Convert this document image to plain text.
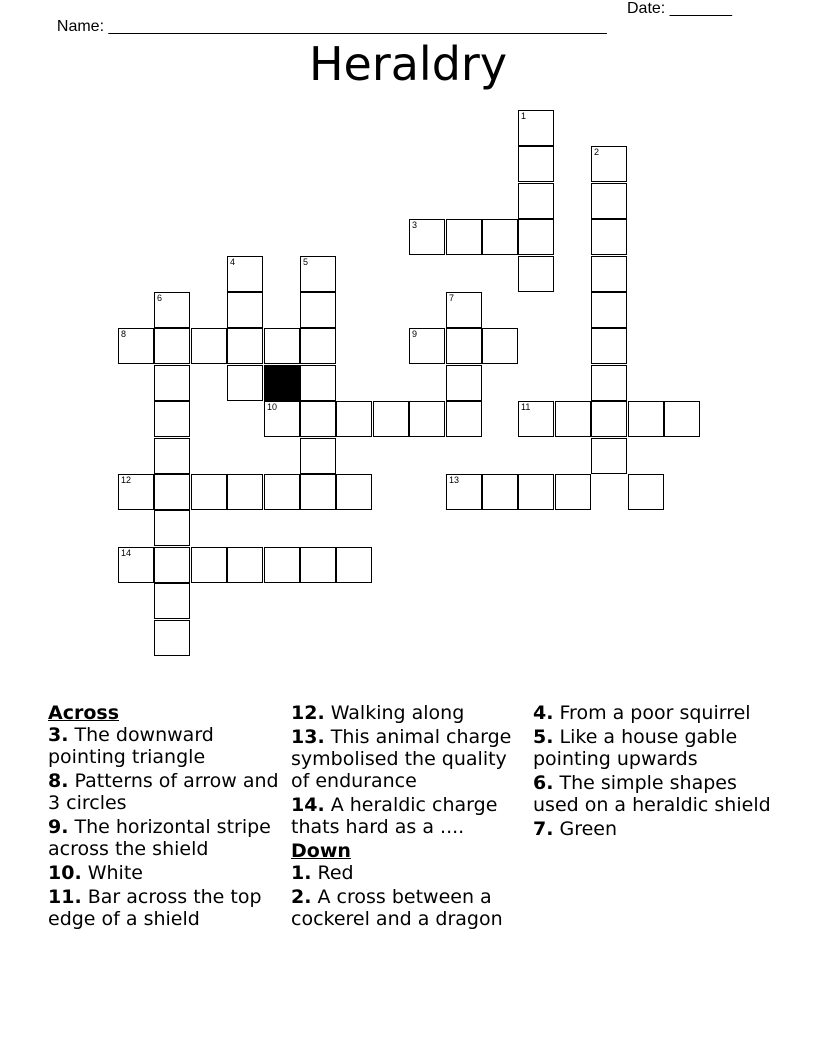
Name: ________________________________________________________

Date: _______

Heraldry
1
2
3
4	5
6	7
8	9
10	11
12	13
14
Across
3. The downward pointing triangle
8. Patterns of arrow and 3 circles
9. The horizontal stripe across the shield
10. White
11. Bar across the top edge of a shield
12. Walking along
13. This animal charge symbolised the quality of endurance
14. A heraldic charge thats hard as a ....
Down
1. Red
2. A cross between a cockerel and a dragon
4. From a poor squirrel
5. Like a house gable pointing upwards
6. The simple shapes used on a heraldic shield
7. Green
